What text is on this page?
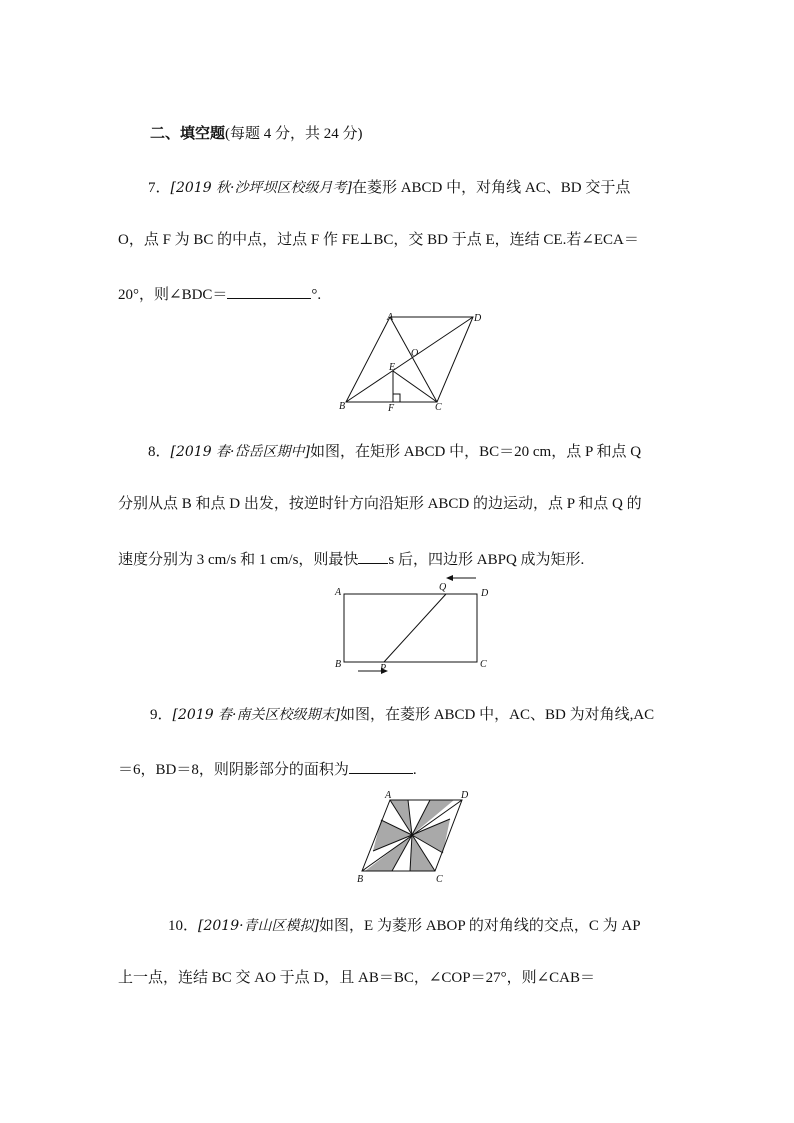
二、填空题(每题 4 分，共 24 分)
7．[2019 秋·沙坪坝区校级月考]在菱形 ABCD 中，对角线 AC、BD 交于点
O，点 F 为 BC 的中点，过点 F 作 FE⊥BC，交 BD 于点 E，连结 CE.若∠ECA＝
20°，则∠BDC＝	°.
A	D
O
E
B	F	C
8．[2019 春·岱岳区期中]如图，在矩形 ABCD 中，BC＝20 cm，点 P 和点 Q
分别从点 B 和点 D 出发，按逆时针方向沿矩形 ABCD 的边运动，点 P 和点 Q 的
速度分别为 3 cm/s 和 1 cm/s，则最快 s 后，四边形 ABPQ 成为矩形.
A	Q
D
B	P	C
9．[2019 春·南关区校级期末]如图，在菱形 ABCD 中，AC、BD 为对角线,AC
＝6，BD＝8，则阴影部分的面积为	.
A	D
B	C
10．[2019·青山区模拟]如图，E 为菱形 ABOP 的对角线的交点，C 为 AP
上一点，连结 BC 交 AO 于点 D，且 AB＝BC，∠COP＝27°，则∠CAB＝
